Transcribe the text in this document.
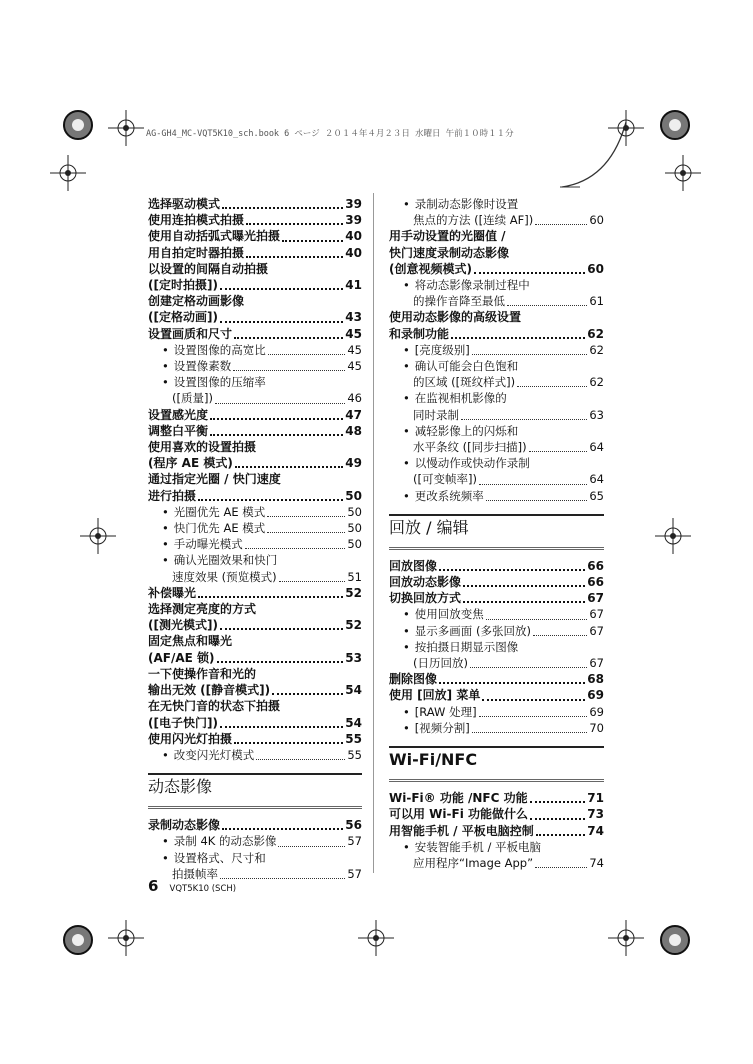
AG-GH4_MC-VQT5K10_sch.book 6 ページ ２０１４年４月２３日 水曜日 午前１０時１１分
选择驱动模式	39
使用连拍模式拍摄	39
使用自动括弧式曝光拍摄	40
用自拍定时器拍摄	40
以设置的间隔自动拍摄
([定时拍摄])	41
创建定格动画影像
([定格动画])	43
设置画质和尺寸	45
• 设置图像的高宽比	45
• 设置像素数	45
• 设置图像的压缩率
([质量])	46
设置感光度	47
调整白平衡	48
使用喜欢的设置拍摄
(程序 AE 模式)	49
通过指定光圈 / 快门速度
进行拍摄	50
• 光圈优先 AE 模式	50
• 快门优先 AE 模式	50
• 手动曝光模式	50
• 确认光圈效果和快门
速度效果 (预览模式)	51
补偿曝光	52
选择测定亮度的方式
([测光模式])	52
固定焦点和曝光
(AF/AE 锁)	53
一下使操作音和光的
输出无效 ([静音模式])	54
在无快门音的状态下拍摄
([电子快门])	54
使用闪光灯拍摄	55
• 改变闪光灯模式	55
动态影像
录制动态影像	56
• 录制 4K 的动态影像	57
• 设置格式、尺寸和
拍摄帧率	57
• 录制动态影像时设置
焦点的方法 ([连续 AF])	60
用手动设置的光圈值 /
快门速度录制动态影像
(创意视频模式)	60
• 将动态影像录制过程中
的操作音降至最低	61
使用动态影像的高级设置
和录制功能	62
• [亮度级别]	62
• 确认可能会白色饱和
的区域 ([斑纹样式])	62
• 在监视相机影像的
同时录制	63
• 减轻影像上的闪烁和
水平条纹 ([同步扫描])	64
• 以慢动作或快动作录制
([可变帧率])	64
• 更改系统频率	65
回放 / 编辑
回放图像	66
回放动态影像	66
切换回放方式	67
• 使用回放变焦	67
• 显示多画面 (多张回放)	67
• 按拍摄日期显示图像
(日历回放)	67
删除图像	68
使用 [回放] 菜单	69
• [RAW 处理]	69
• [视频分割]	70
Wi-Fi/NFC
Wi-Fi® 功能 /NFC 功能	71
可以用 Wi-Fi 功能做什么	73
用智能手机 / 平板电脑控制	74
• 安装智能手机 / 平板电脑
应用程序“Image App”	74
6 VQT5K10 (SCH)
